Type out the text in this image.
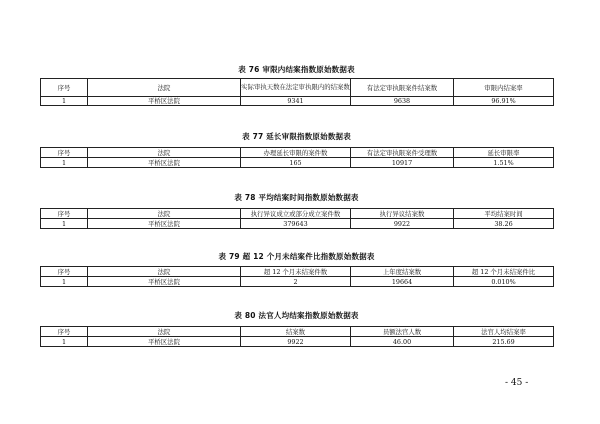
表 76 审限内结案指数原始数据表
序号	法院	实际审执天数在法定审执限内的结案数	有法定审执限案件结案数	审限内结案率
1	平桥区法院	9341	9638	96.91%
表 77 延长审限指数原始数据表
序号	法院	办理延长审限的案件数	有法定审执限案件受理数	延长审限率
1	平桥区法院	165	10917	1.51%
表 78 平均结案时间指数原始数据表
序号	法院	执行异议成立或部分成立案件数	执行异议结案数	平均结案时间
1	平桥区法院	379643	9922	38.26
表 79 超 12 个月未结案件比指数原始数据表
序号	法院	超 12 个月未结案件数	上年度结案数	超 12 个月未结案件比
1	平桥区法院	2	19664	0.010%
表 80 法官人均结案指数原始数据表
序号	法院	结案数	员额法官人数	法官人均结案率
1	平桥区法院	9922	46.00	215.69
- 45 -
